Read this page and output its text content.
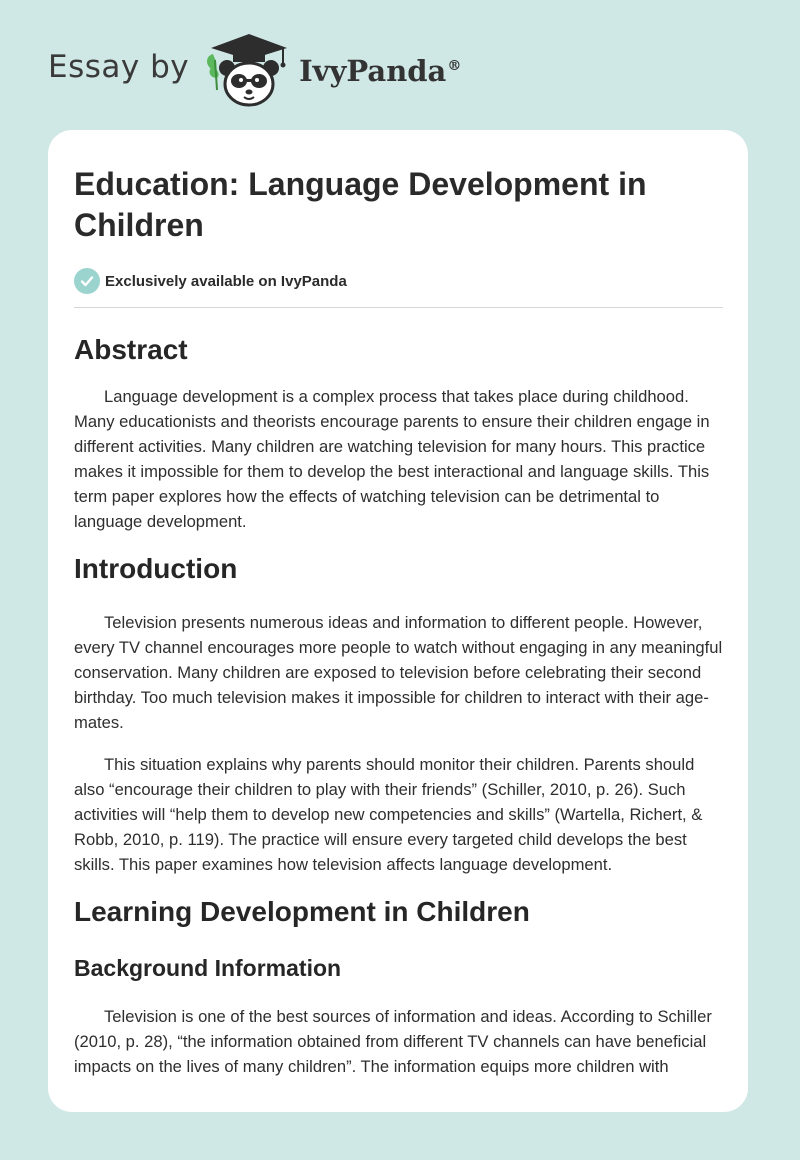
Essay by	IvyPanda®
Education: Language Development in Children
Exclusively available on IvyPanda
Abstract

Language development is a complex process that takes place during childhood. Many educationists and theorists encourage parents to ensure their children engage in different activities. Many children are watching television for many hours. This practice makes it impossible for them to develop the best interactional and language skills. This term paper explores how the effects of watching television can be detrimental to language development.

Introduction

Television presents numerous ideas and information to different people. However, every TV channel encourages more people to watch without engaging in any meaningful conservation. Many children are exposed to television before celebrating their second birthday. Too much television makes it impossible for children to interact with their age-mates.

This situation explains why parents should monitor their children. Parents should also “encourage their children to play with their friends” (Schiller, 2010, p. 26). Such activities will “help them to develop new competencies and skills” (Wartella, Richert, & Robb, 2010, p. 119). The practice will ensure every targeted child develops the best skills. This paper examines how television affects language development.

Learning Development in Children
Background Information

Television is one of the best sources of information and ideas. According to Schiller (2010, p. 28), “the information obtained from different TV channels can have beneficial impacts on the lives of many children”. The information equips more children with
